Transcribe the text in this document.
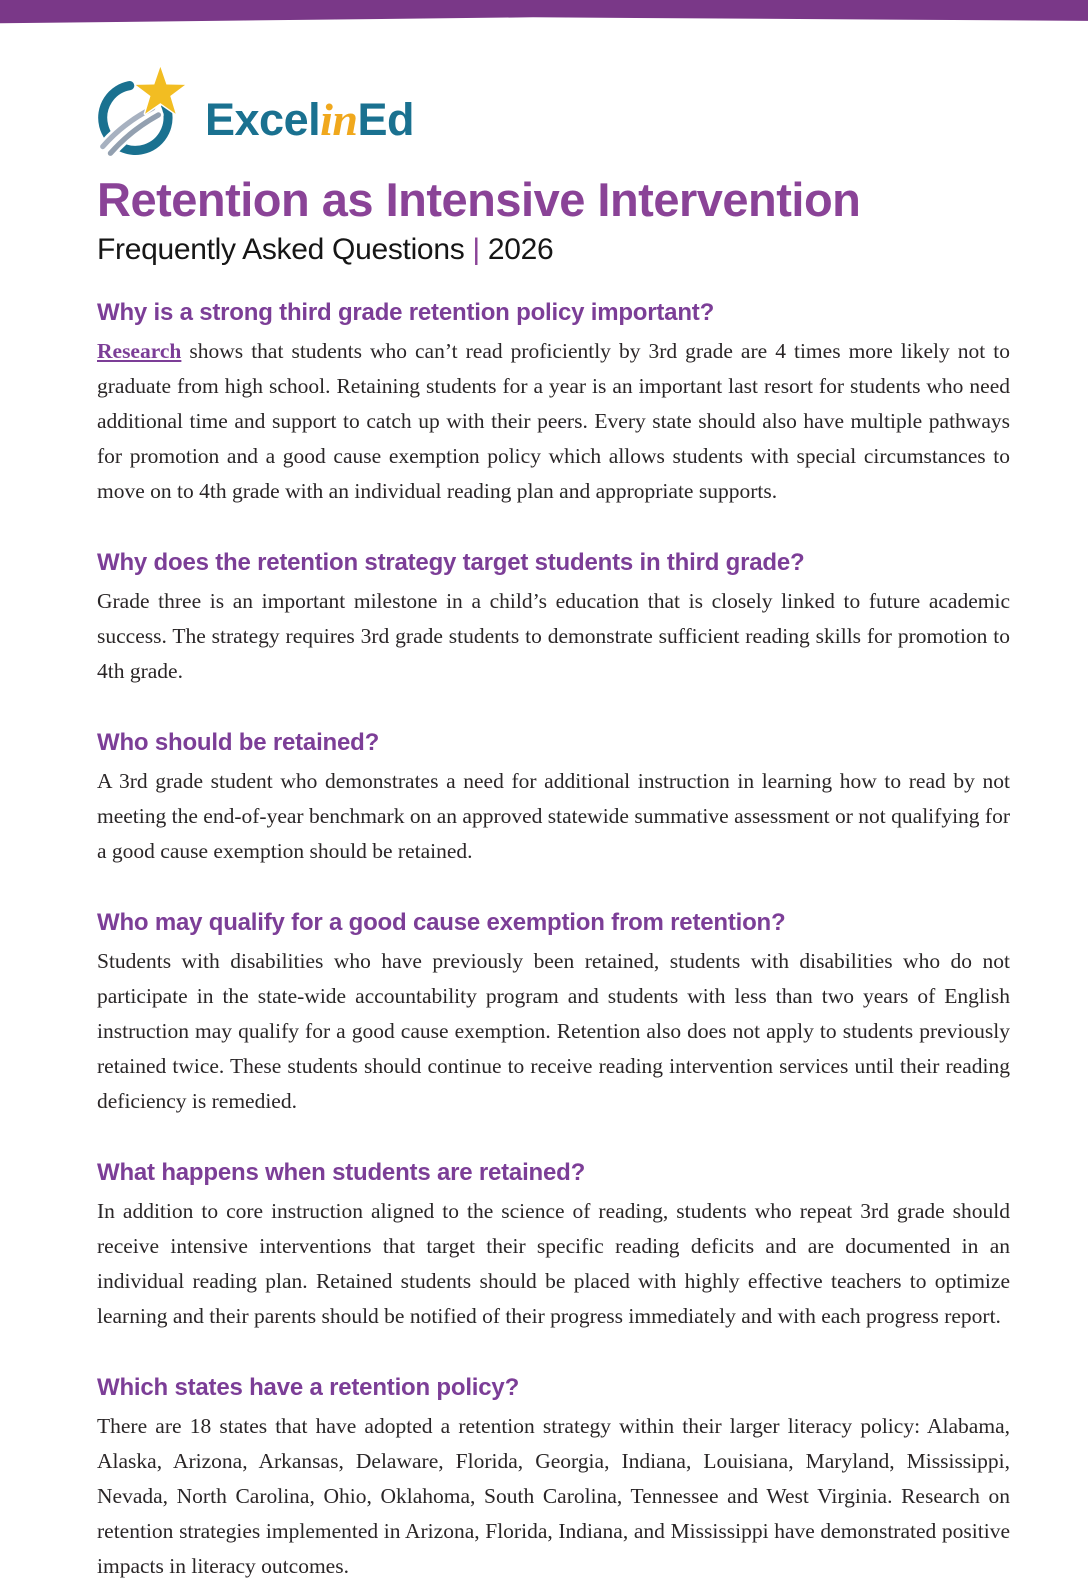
Excel in Ed
Retention as Intensive Intervention
Frequently Asked Questions | 2026
Why is a strong third grade retention policy important?

Research shows that students who can’t read proficiently by 3rd grade are 4 times more likely not to graduate from high school. Retaining students for a year is an important last resort for students who need additional time and support to catch up with their peers. Every state should also have multiple pathways for promotion and a good cause exemption policy which allows students with special circumstances to move on to 4th grade with an individual reading plan and appropriate supports.

Why does the retention strategy target students in third grade?

Grade three is an important milestone in a child’s education that is closely linked to future academic success. The strategy requires 3rd grade students to demonstrate sufficient reading skills for promotion to 4th grade.

Who should be retained?

A 3rd grade student who demonstrates a need for additional instruction in learning how to read by not meeting the end-of-year benchmark on an approved statewide summative assessment or not qualifying for a good cause exemption should be retained.

Who may qualify for a good cause exemption from retention?

Students with disabilities who have previously been retained, students with disabilities who do not participate in the state-wide accountability program and students with less than two years of English instruction may qualify for a good cause exemption. Retention also does not apply to students previously retained twice. These students should continue to receive reading intervention services until their reading deficiency is remedied.

What happens when students are retained?

In addition to core instruction aligned to the science of reading, students who repeat 3rd grade should receive intensive interventions that target their specific reading deficits and are documented in an individual reading plan. Retained students should be placed with highly effective teachers to optimize learning and their parents should be notified of their progress immediately and with each progress report.

Which states have a retention policy?

There are 18 states that have adopted a retention strategy within their larger literacy policy: Alabama, Alaska, Arizona, Arkansas, Delaware, Florida, Georgia, Indiana, Louisiana, Maryland, Mississippi, Nevada, North Carolina, Ohio, Oklahoma, South Carolina, Tennessee and West Virginia. Research on retention strategies implemented in Arizona, Florida, Indiana, and Mississippi have demonstrated positive impacts in literacy outcomes.
